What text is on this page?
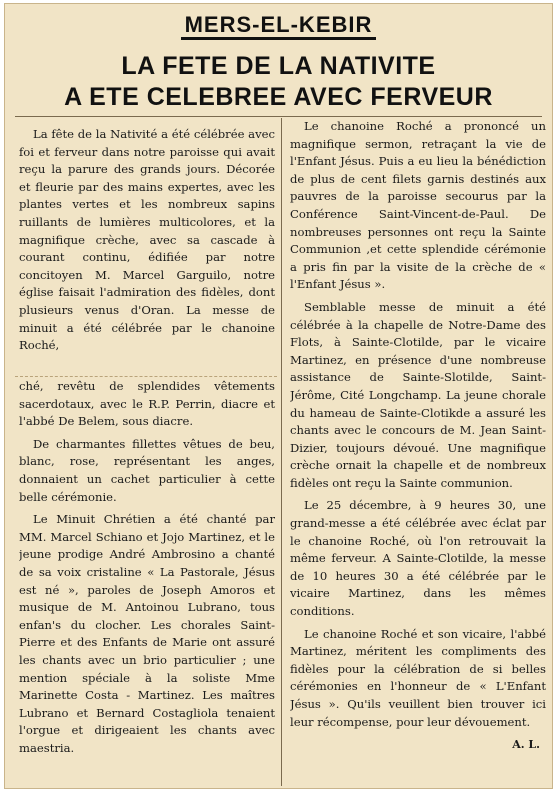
MERS-EL-KEBIR
LA FETE DE LA NATIVITE
A ETE CELEBREE AVEC FERVEUR

La fête de la Nativité a été célébrée avec foi et ferveur dans notre paroisse qui avait reçu la parure des grands jours. Décorée et fleurie par des mains expertes, avec les plantes vertes et les nombreux sapins ruillants de lumières multicolores, et la magnifique crèche, avec sa cascade à courant continu, édifiée par notre concitoyen M. Marcel Garguilo, notre église faisait l'admiration des fidèles, dont plusieurs venus d'Oran. La messe de minuit a été célébrée par le chanoine Roché,

ché, revêtu de splendides vêtements sacerdotaux, avec le R.P. Perrin, diacre et l'abbé De Belem, sous diacre.

De charmantes fillettes vêtues de beu, blanc, rose, représentant les anges, donnaient un cachet particulier à cette belle cérémonie.

Le Minuit Chrétien a été chanté par MM. Marcel Schiano et Jojo Martinez, et le jeune prodige André Ambrosino a chanté de sa voix cristaline « La Pastorale, Jésus est né », paroles de Joseph Amoros et musique de M. Antoinou Lubrano, tous enfan's du clocher. Les chorales Saint-Pierre et des Enfants de Marie ont assuré les chants avec un brio particulier ; une mention spéciale à la soliste Mme Marinette Costa - Martinez. Les maîtres Lubrano et Bernard Costagliola tenaient l'orgue et dirigeaient les chants avec maestria.

Le chanoine Roché a prononcé un magnifique sermon, retraçant la vie de l'Enfant Jésus. Puis a eu lieu la bénédiction de plus de cent filets garnis destinés aux pauvres de la paroisse secourus par la Conférence Saint-Vincent-de-Paul. De nombreuses personnes ont reçu la Sainte Communion ,et cette splendide cérémonie a pris fin par la visite de la crèche de « l'Enfant Jésus ».

Semblable messe de minuit a été célébrée à la chapelle de Notre-Dame des Flots, à Sainte-Clotilde, par le vicaire Martinez, en présence d'une nombreuse assistance de Sainte-Slotilde, Saint-Jérôme, Cité Longchamp. La jeune chorale du hameau de Sainte-Clotikde a assuré les chants avec le concours de M. Jean Saint-Dizier, toujours dévoué. Une magnifique crèche ornait la chapelle et de nombreux fidèles ont reçu la Sainte communion.

Le 25 décembre, à 9 heures 30, une grand-messe a été célébrée avec éclat par le chanoine Roché, où l'on retrouvait la même ferveur. A Sainte-Clotilde, la messe de 10 heures 30 a été célébrée par le vicaire Martinez, dans les mêmes conditions.

Le chanoine Roché et son vicaire, l'abbé Martinez, méritent les compliments des fidèles pour la célébration de si belles cérémonies en l'honneur de « L'Enfant Jésus ». Qu'ils veuillent bien trouver ici leur récompense, pour leur dévouement.

A. L.
